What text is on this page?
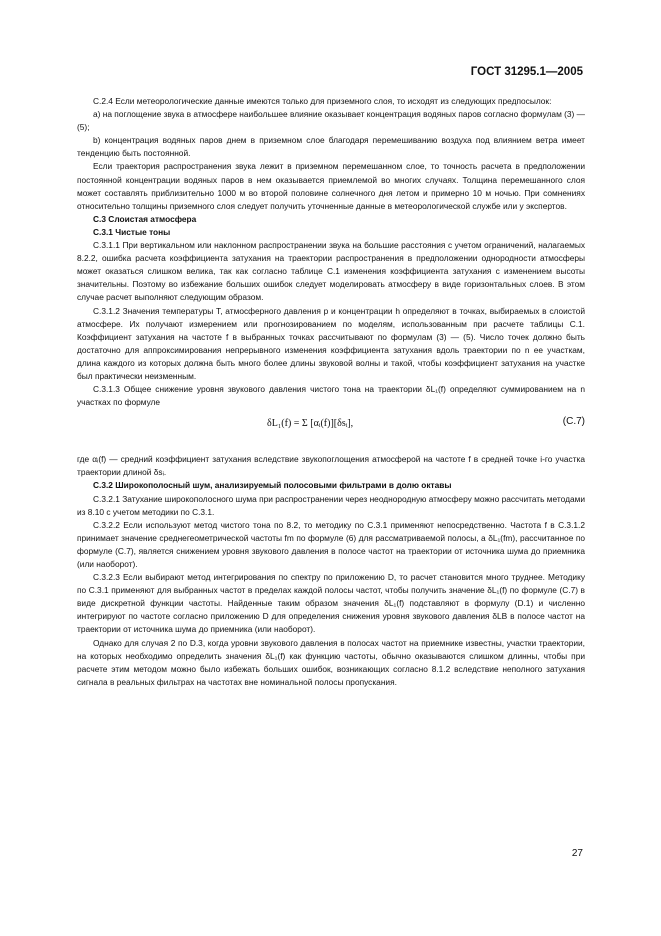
ГОСТ 31295.1—2005

С.2.4 Если метеорологические данные имеются только для приземного слоя, то исходят из следующих предпосылок:

a) на поглощение звука в атмосфере наибольшее влияние оказывает концентрация водяных паров согласно формулам (3) — (5);

b) концентрация водяных паров днем в приземном слое благодаря перемешиванию воздуха под влиянием ветра имеет тенденцию быть постоянной.

Если траектория распространения звука лежит в приземном перемешанном слое, то точность расчета в предположении постоянной концентрации водяных паров в нем оказывается приемлемой во многих случаях. Толщина перемешанного слоя может составлять приблизительно 1000 м во второй половине солнечного дня летом и примерно 10 м ночью. При сомнениях относительно толщины приземного слоя следует получить уточненные данные в метеорологической службе или у экспертов.

С.3 Слоистая атмосфера

С.3.1 Чистые тоны

С.3.1.1 При вертикальном или наклонном распространении звука на большие расстояния с учетом ограничений, налагаемых 8.2.2, ошибка расчета коэффициента затухания на траектории распространения в предположении однородности атмосферы может оказаться слишком велика, так как согласно таблице С.1 изменения коэффициента затухания с изменением высоты значительны. Поэтому во избежание больших ошибок следует моделировать атмосферу в виде горизонтальных слоев. В этом случае расчет выполняют следующим образом.

С.3.1.2 Значения температуры T, атмосферного давления p и концентрации h определяют в точках, выбираемых в слоистой атмосфере. Их получают измерением или прогнозированием по моделям, использованным при расчете таблицы С.1. Коэффициент затухания на частоте f в выбранных точках рассчитывают по формулам (3) — (5). Число точек должно быть достаточно для аппроксимирования непрерывного изменения коэффициента затухания вдоль траектории по n ее участкам, длина каждого из которых должна быть много более длины звуковой волны и такой, чтобы коэффициент затухания на участке был практически неизменным.

С.3.1.3 Общее снижение уровня звукового давления чистого тона на траектории δL₁(f) определяют суммированием на n участках по формуле

δL₁(f) = Σ [αᵢ(f)][δsᵢ],	(С.7)

где αᵢ(f) — средний коэффициент затухания вследствие звукопоглощения атмосферой на частоте f в средней точке i-го участка траектории длиной δsᵢ.

С.3.2 Широкополосный шум, анализируемый полосовыми фильтрами в долю октавы

С.3.2.1 Затухание широкополосного шума при распространении через неоднородную атмосферу можно рассчитать методами из 8.10 с учетом методики по С.3.1.

С.3.2.2 Если используют метод чистого тона по 8.2, то методику по С.3.1 применяют непосредственно. Частота f в С.3.1.2 принимает значение среднегеометрической частоты fm по формуле (6) для рассматриваемой полосы, а δL₁(fm), рассчитанное по формуле (С.7), является снижением уровня звукового давления в полосе частот на траектории от источника шума до приемника (или наоборот).

С.3.2.3 Если выбирают метод интегрирования по спектру по приложению D, то расчет становится много труднее. Методику по С.3.1 применяют для выбранных частот в пределах каждой полосы частот, чтобы получить значение δL₁(f) по формуле (С.7) в виде дискретной функции частоты. Найденные таким образом значения δL₁(f) подставляют в формулу (D.1) и численно интегрируют по частоте согласно приложению D для определения снижения уровня звукового давления δLB в полосе частот на траектории от источника шума до приемника (или наоборот).

Однако для случая 2 по D.3, когда уровни звукового давления в полосах частот на приемнике известны, участки траектории, на которых необходимо определить значения δL₁(f) как функцию частоты, обычно оказываются слишком длинны, чтобы при расчете этим методом можно было избежать больших ошибок, возникающих согласно 8.1.2 вследствие неполного затухания сигнала в реальных фильтрах на частотах вне номинальной полосы пропускания.

27
